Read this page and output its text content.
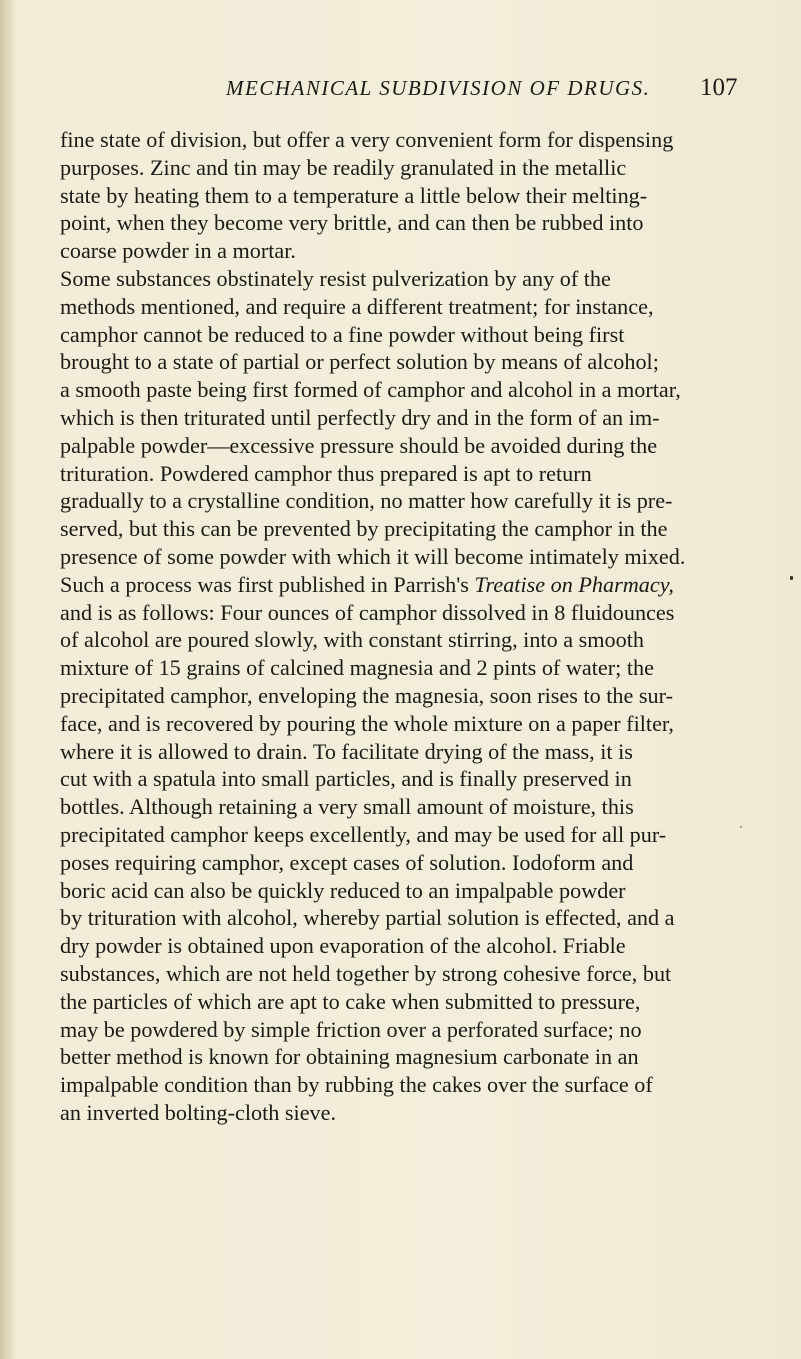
MECHANICAL SUBDIVISION OF DRUGS. 107
fine state of division, but offer a very convenient form for dispensing
purposes. Zinc and tin may be readily granulated in the metallic
state by heating them to a temperature a little below their melting-
point, when they become very brittle, and can then be rubbed into
coarse powder in a mortar.
Some substances obstinately resist pulverization by any of the
methods mentioned, and require a different treatment; for instance,
camphor cannot be reduced to a fine powder without being first
brought to a state of partial or perfect solution by means of alcohol;
a smooth paste being first formed of camphor and alcohol in a mortar,
which is then triturated until perfectly dry and in the form of an im-
palpable powder—excessive pressure should be avoided during the
trituration. Powdered camphor thus prepared is apt to return
gradually to a crystalline condition, no matter how carefully it is pre-
served, but this can be prevented by precipitating the camphor in the
presence of some powder with which it will become intimately mixed.
Such a process was first published in Parrish's Treatise on Pharmacy,
and is as follows: Four ounces of camphor dissolved in 8 fluidounces
of alcohol are poured slowly, with constant stirring, into a smooth
mixture of 15 grains of calcined magnesia and 2 pints of water; the
precipitated camphor, enveloping the magnesia, soon rises to the sur-
face, and is recovered by pouring the whole mixture on a paper filter,
where it is allowed to drain. To facilitate drying of the mass, it is
cut with a spatula into small particles, and is finally preserved in
bottles. Although retaining a very small amount of moisture, this
precipitated camphor keeps excellently, and may be used for all pur-
poses requiring camphor, except cases of solution. Iodoform and
boric acid can also be quickly reduced to an impalpable powder
by trituration with alcohol, whereby partial solution is effected, and a
dry powder is obtained upon evaporation of the alcohol. Friable
substances, which are not held together by strong cohesive force, but
the particles of which are apt to cake when submitted to pressure,
may be powdered by simple friction over a perforated surface; no
better method is known for obtaining magnesium carbonate in an
impalpable condition than by rubbing the cakes over the surface of
an inverted bolting-cloth sieve.
